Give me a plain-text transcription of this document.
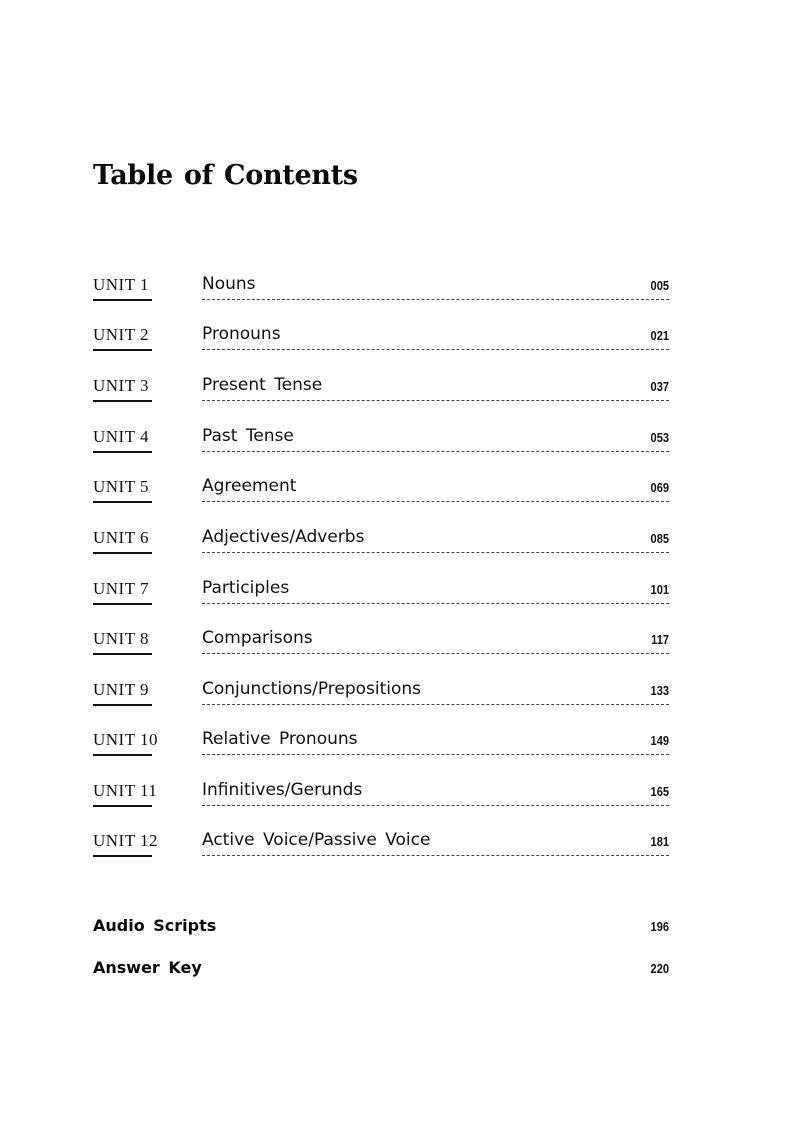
Table of Contents
UNIT 1	Nouns	005
UNIT 2	Pronouns	021
UNIT 3	Present Tense	037
UNIT 4	Past Tense	053
UNIT 5	Agreement	069
UNIT 6	Adjectives/Adverbs	085
UNIT 7	Participles	101
UNIT 8	Comparisons	117
UNIT 9	Conjunctions/Prepositions	133
UNIT 10	Relative Pronouns	149
UNIT 11	Infinitives/Gerunds	165
UNIT 12	Active Voice/Passive Voice	181
Audio Scripts	196
Answer Key	220
